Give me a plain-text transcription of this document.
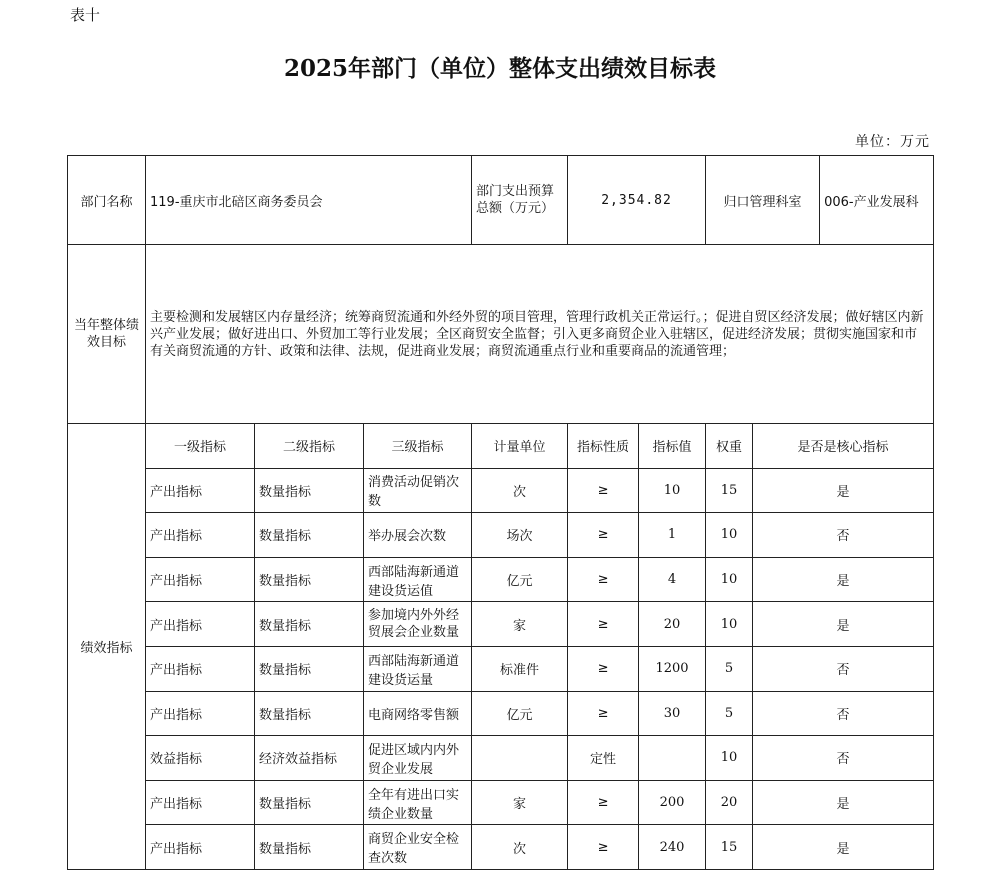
表十
2025年部门（单位）整体支出绩效目标表
单位：万元
部门名称	119-重庆市北碚区商务委员会			部门支出预算总额（万元）	2,354.82		归口管理科室		006-产业发展科
当年整体绩效目标	主要检测和发展辖区内存量经济；统筹商贸流通和外经外贸的项目管理，管理行政机关正常运行。；促进自贸区经济发展；做好辖区内新兴产业发展；做好进出口、外贸加工等行业发展；全区商贸安全监督；引入更多商贸企业入驻辖区，促进经济发展；贯彻实施国家和市有关商贸流通的方针、政策和法律、法规，促进商业发展；商贸流通重点行业和重要商品的流通管理；								
绩效指标	一级指标	二级指标	三级指标	计量单位	指标性质	指标值	权重	是否是核心指标	
	产出指标	数量指标	消费活动促销次数	次	≥	10	15	是	
	产出指标	数量指标	举办展会次数	场次	≥	1	10	否	
	产出指标	数量指标	西部陆海新通道建设货运值	亿元	≥	4	10	是	
	产出指标	数量指标	参加境内外外经贸展会企业数量	家	≥	20	10	是	
	产出指标	数量指标	西部陆海新通道建设货运量	标准件	≥	1200	5	否	
	产出指标	数量指标	电商网络零售额	亿元	≥	30	5	否	
	效益指标	经济效益指标	促进区域内内外贸企业发展		定性		10	否	
	产出指标	数量指标	全年有进出口实绩企业数量	家	≥	200	20	是	
	产出指标	数量指标	商贸企业安全检查次数	次	≥	240	15	是	
